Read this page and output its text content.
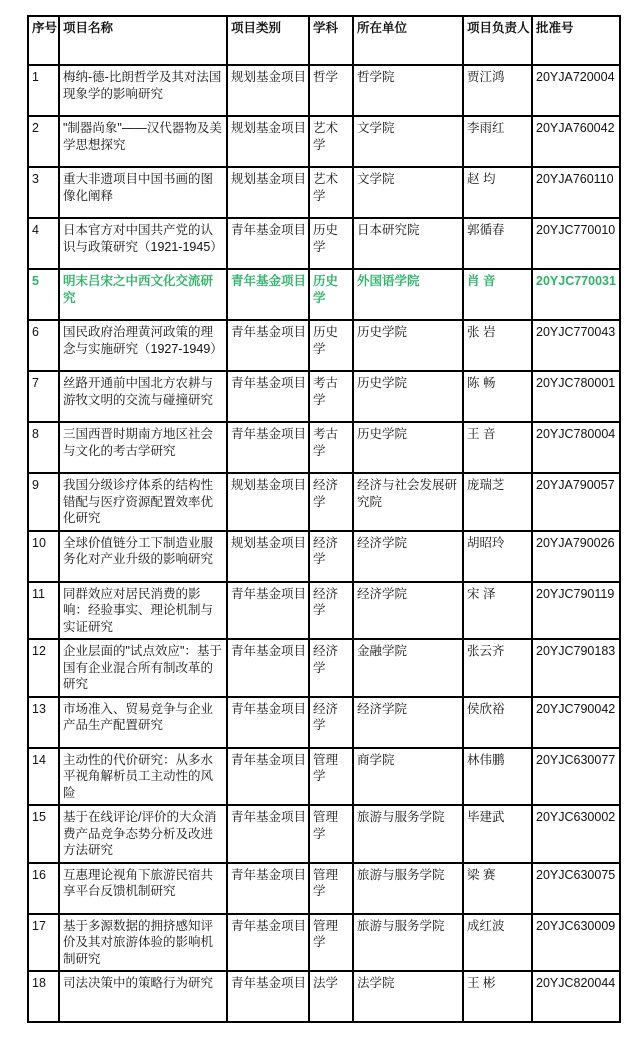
序号	项目名称	项目类别	学科	所在单位	项目负责人	批准号
1	梅纳-德-比朗哲学及其对法国现象学的影响研究	规划基金项目	哲学	哲学院	贾江鸿	20YJA720004
2	"制器尚象"——汉代器物及美学思想探究	规划基金项目	艺术学	文学院	李雨红	20YJA760042
3	重大非遗项目中国书画的图像化阐释	规划基金项目	艺术学	文学院	赵 均	20YJA760110
4	日本官方对中国共产党的认识与政策研究（1921-1945）	青年基金项目	历史学	日本研究院	郭循春	20YJC770010
5	明末吕宋之中西文化交流研究	青年基金项目	历史学	外国语学院	肖 音	20YJC770031
6	国民政府治理黄河政策的理念与实施研究（1927-1949）	青年基金项目	历史学	历史学院	张 岩	20YJC770043
7	丝路开通前中国北方农耕与游牧文明的交流与碰撞研究	青年基金项目	考古学	历史学院	陈 畅	20YJC780001
8	三国西晋时期南方地区社会与文化的考古学研究	青年基金项目	考古学	历史学院	王 音	20YJC780004
9	我国分级诊疗体系的结构性错配与医疗资源配置效率优化研究	规划基金项目	经济学	经济与社会发展研究院	庞瑞芝	20YJA790057
10	全球价值链分工下制造业服务化对产业升级的影响研究	规划基金项目	经济学	经济学院	胡昭玲	20YJA790026
11	同群效应对居民消费的影响：经验事实、理论机制与实证研究	青年基金项目	经济学	经济学院	宋 泽	20YJC790119
12	企业层面的"试点效应"：基于国有企业混合所有制改革的研究	青年基金项目	经济学	金融学院	张云齐	20YJC790183
13	市场准入、贸易竞争与企业产品生产配置研究	青年基金项目	经济学	经济学院	侯欣裕	20YJC790042
14	主动性的代价研究：从多水平视角解析员工主动性的风险	青年基金项目	管理学	商学院	林伟鹏	20YJC630077
15	基于在线评论/评价的大众消费产品竞争态势分析及改进方法研究	青年基金项目	管理学	旅游与服务学院	毕建武	20YJC630002
16	互惠理论视角下旅游民宿共享平台反馈机制研究	青年基金项目	管理学	旅游与服务学院	梁 赛	20YJC630075
17	基于多源数据的拥挤感知评价及其对旅游体验的影响机制研究	青年基金项目	管理学	旅游与服务学院	成红波	20YJC630009
18	司法决策中的策略行为研究	青年基金项目	法学	法学院	王 彬	20YJC820044
